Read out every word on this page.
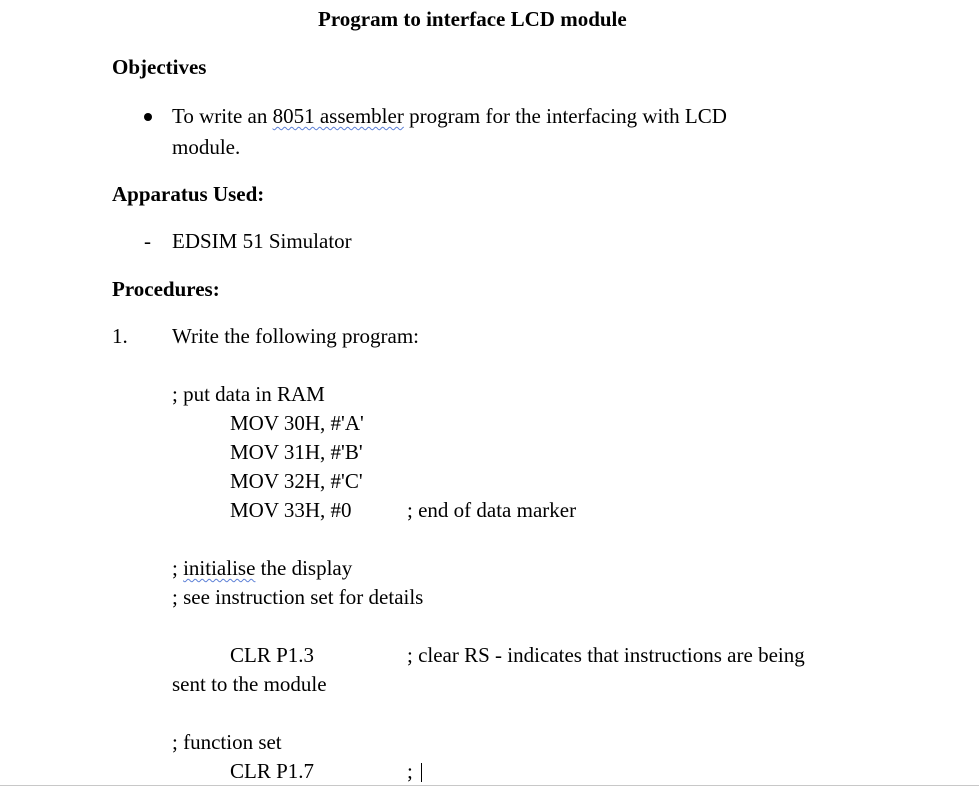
Program to interface LCD module
Objectives
To write an 8051 assembler program for the interfacing with LCD
module.
Apparatus Used:
- EDSIM 51 Simulator
Procedures:
1. Write the following program:
; put data in RAM
MOV 30H, #'A'
MOV 31H, #'B'
MOV 32H, #'C'
MOV 33H, #0	; end of data marker
; initialise the display
; see instruction set for details
CLR P1.3	; clear RS - indicates that instructions are being
sent to the module
; function set
CLR P1.7	;
